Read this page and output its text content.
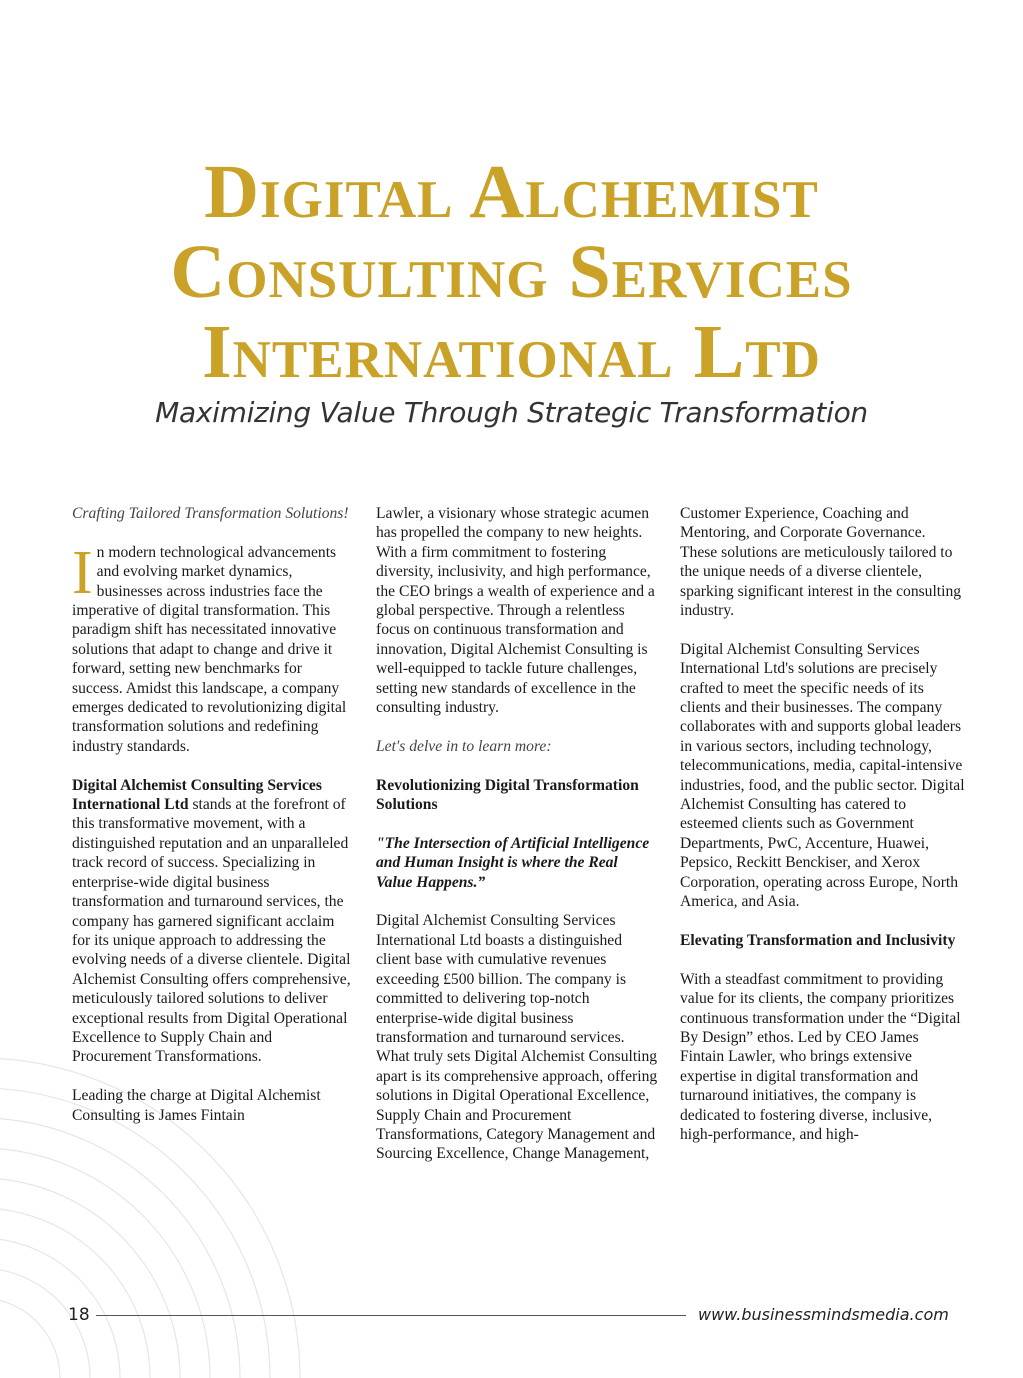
Digital Alchemist
Consulting Services
International Ltd
Maximizing Value Through Strategic Transformation

Crafting Tailored Transformation Solutions!

In modern technological advancements and evolving market dynamics, businesses across industries face the imperative of digital transformation. This paradigm shift has necessitated innovative solutions that adapt to change and drive it forward, setting new benchmarks for success. Amidst this landscape, a company emerges dedicated to revolutionizing digital transformation solutions and redefining industry standards.

Digital Alchemist Consulting Services International Ltd stands at the forefront of this transformative movement, with a distinguished reputation and an unparalleled track record of success. Specializing in enterprise-wide digital business transformation and turnaround services, the company has garnered significant acclaim for its unique approach to addressing the evolving needs of a diverse clientele. Digital Alchemist Consulting offers comprehensive, meticulously tailored solutions to deliver exceptional results from Digital Operational Excellence to Supply Chain and Procurement Transformations.

Leading the charge at Digital Alchemist Consulting is James Fintain

Lawler, a visionary whose strategic acumen has propelled the company to new heights. With a firm commitment to fostering diversity, inclusivity, and high performance, the CEO brings a wealth of experience and a global perspective. Through a relentless focus on continuous transformation and innovation, Digital Alchemist Consulting is well-equipped to tackle future challenges, setting new standards of excellence in the consulting industry.

Let's delve in to learn more:

Revolutionizing Digital Transformation Solutions

"The Intersection of Artificial Intelligence and Human Insight is where the Real Value Happens.”

Digital Alchemist Consulting Services International Ltd boasts a distinguished client base with cumulative revenues exceeding £500 billion. The company is committed to delivering top-notch enterprise-wide digital business transformation and turnaround services. What truly sets Digital Alchemist Consulting apart is its comprehensive approach, offering solutions in Digital Operational Excellence, Supply Chain and Procurement Transformations, Category Management and Sourcing Excellence, Change Management,

Customer Experience, Coaching and Mentoring, and Corporate Governance. These solutions are meticulously tailored to the unique needs of a diverse clientele, sparking significant interest in the consulting industry.

Digital Alchemist Consulting Services International Ltd's solutions are precisely crafted to meet the specific needs of its clients and their businesses. The company collaborates with and supports global leaders in various sectors, including technology, telecommunications, media, capital-intensive industries, food, and the public sector. Digital Alchemist Consulting has catered to esteemed clients such as Government Departments, PwC, Accenture, Huawei, Pepsico, Reckitt Benckiser, and Xerox Corporation, operating across Europe, North America, and Asia.

Elevating Transformation and Inclusivity

With a steadfast commitment to providing value for its clients, the company prioritizes continuous transformation under the “Digital By Design” ethos. Led by CEO James Fintain Lawler, who brings extensive expertise in digital transformation and turnaround initiatives, the company is dedicated to fostering diverse, inclusive, high-performance, and high-

18	www.businessmindsmedia.com
